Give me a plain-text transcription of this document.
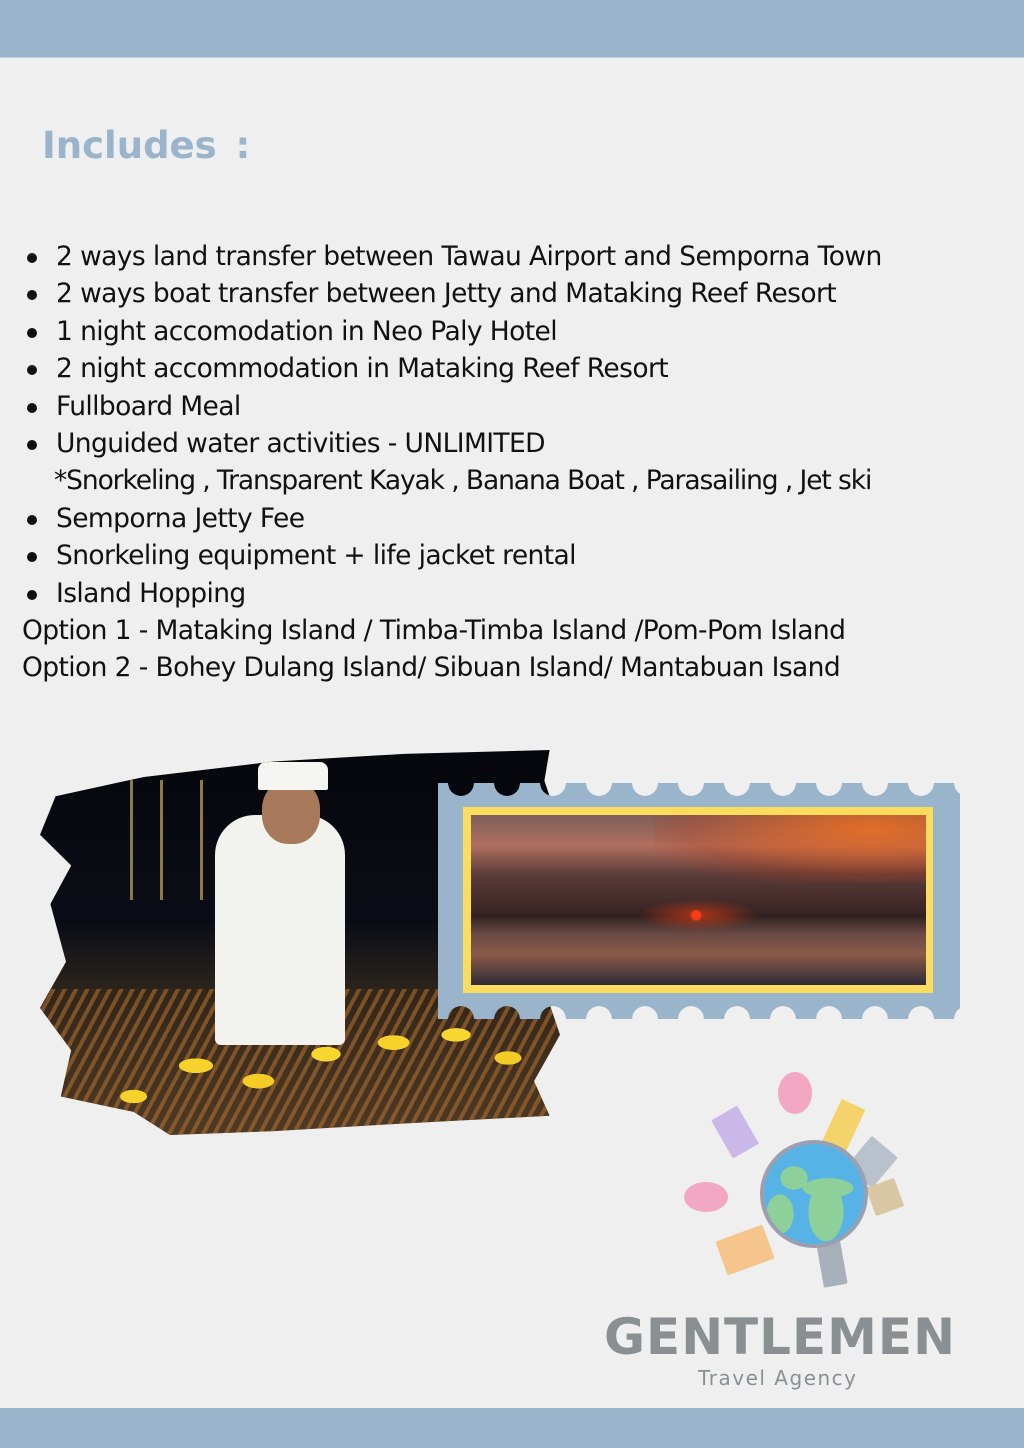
Includes :
2 ways land transfer between Tawau Airport and Semporna Town
2 ways boat transfer between Jetty and Mataking Reef Resort
1 night accomodation in Neo Paly Hotel
2 night accommodation in Mataking Reef Resort
Fullboard Meal
Unguided water activities - UNLIMITED
*Snorkeling , Transparent Kayak , Banana Boat , Parasailing , Jet ski
Semporna Jetty Fee
Snorkeling equipment + life jacket rental
Island Hopping
Option 1 - Mataking Island / Timba-Timba Island /Pom-Pom Island
Option 2 - Bohey Dulang Island/ Sibuan Island/ Mantabuan Isand
GENTLEMEN
Travel Agency
